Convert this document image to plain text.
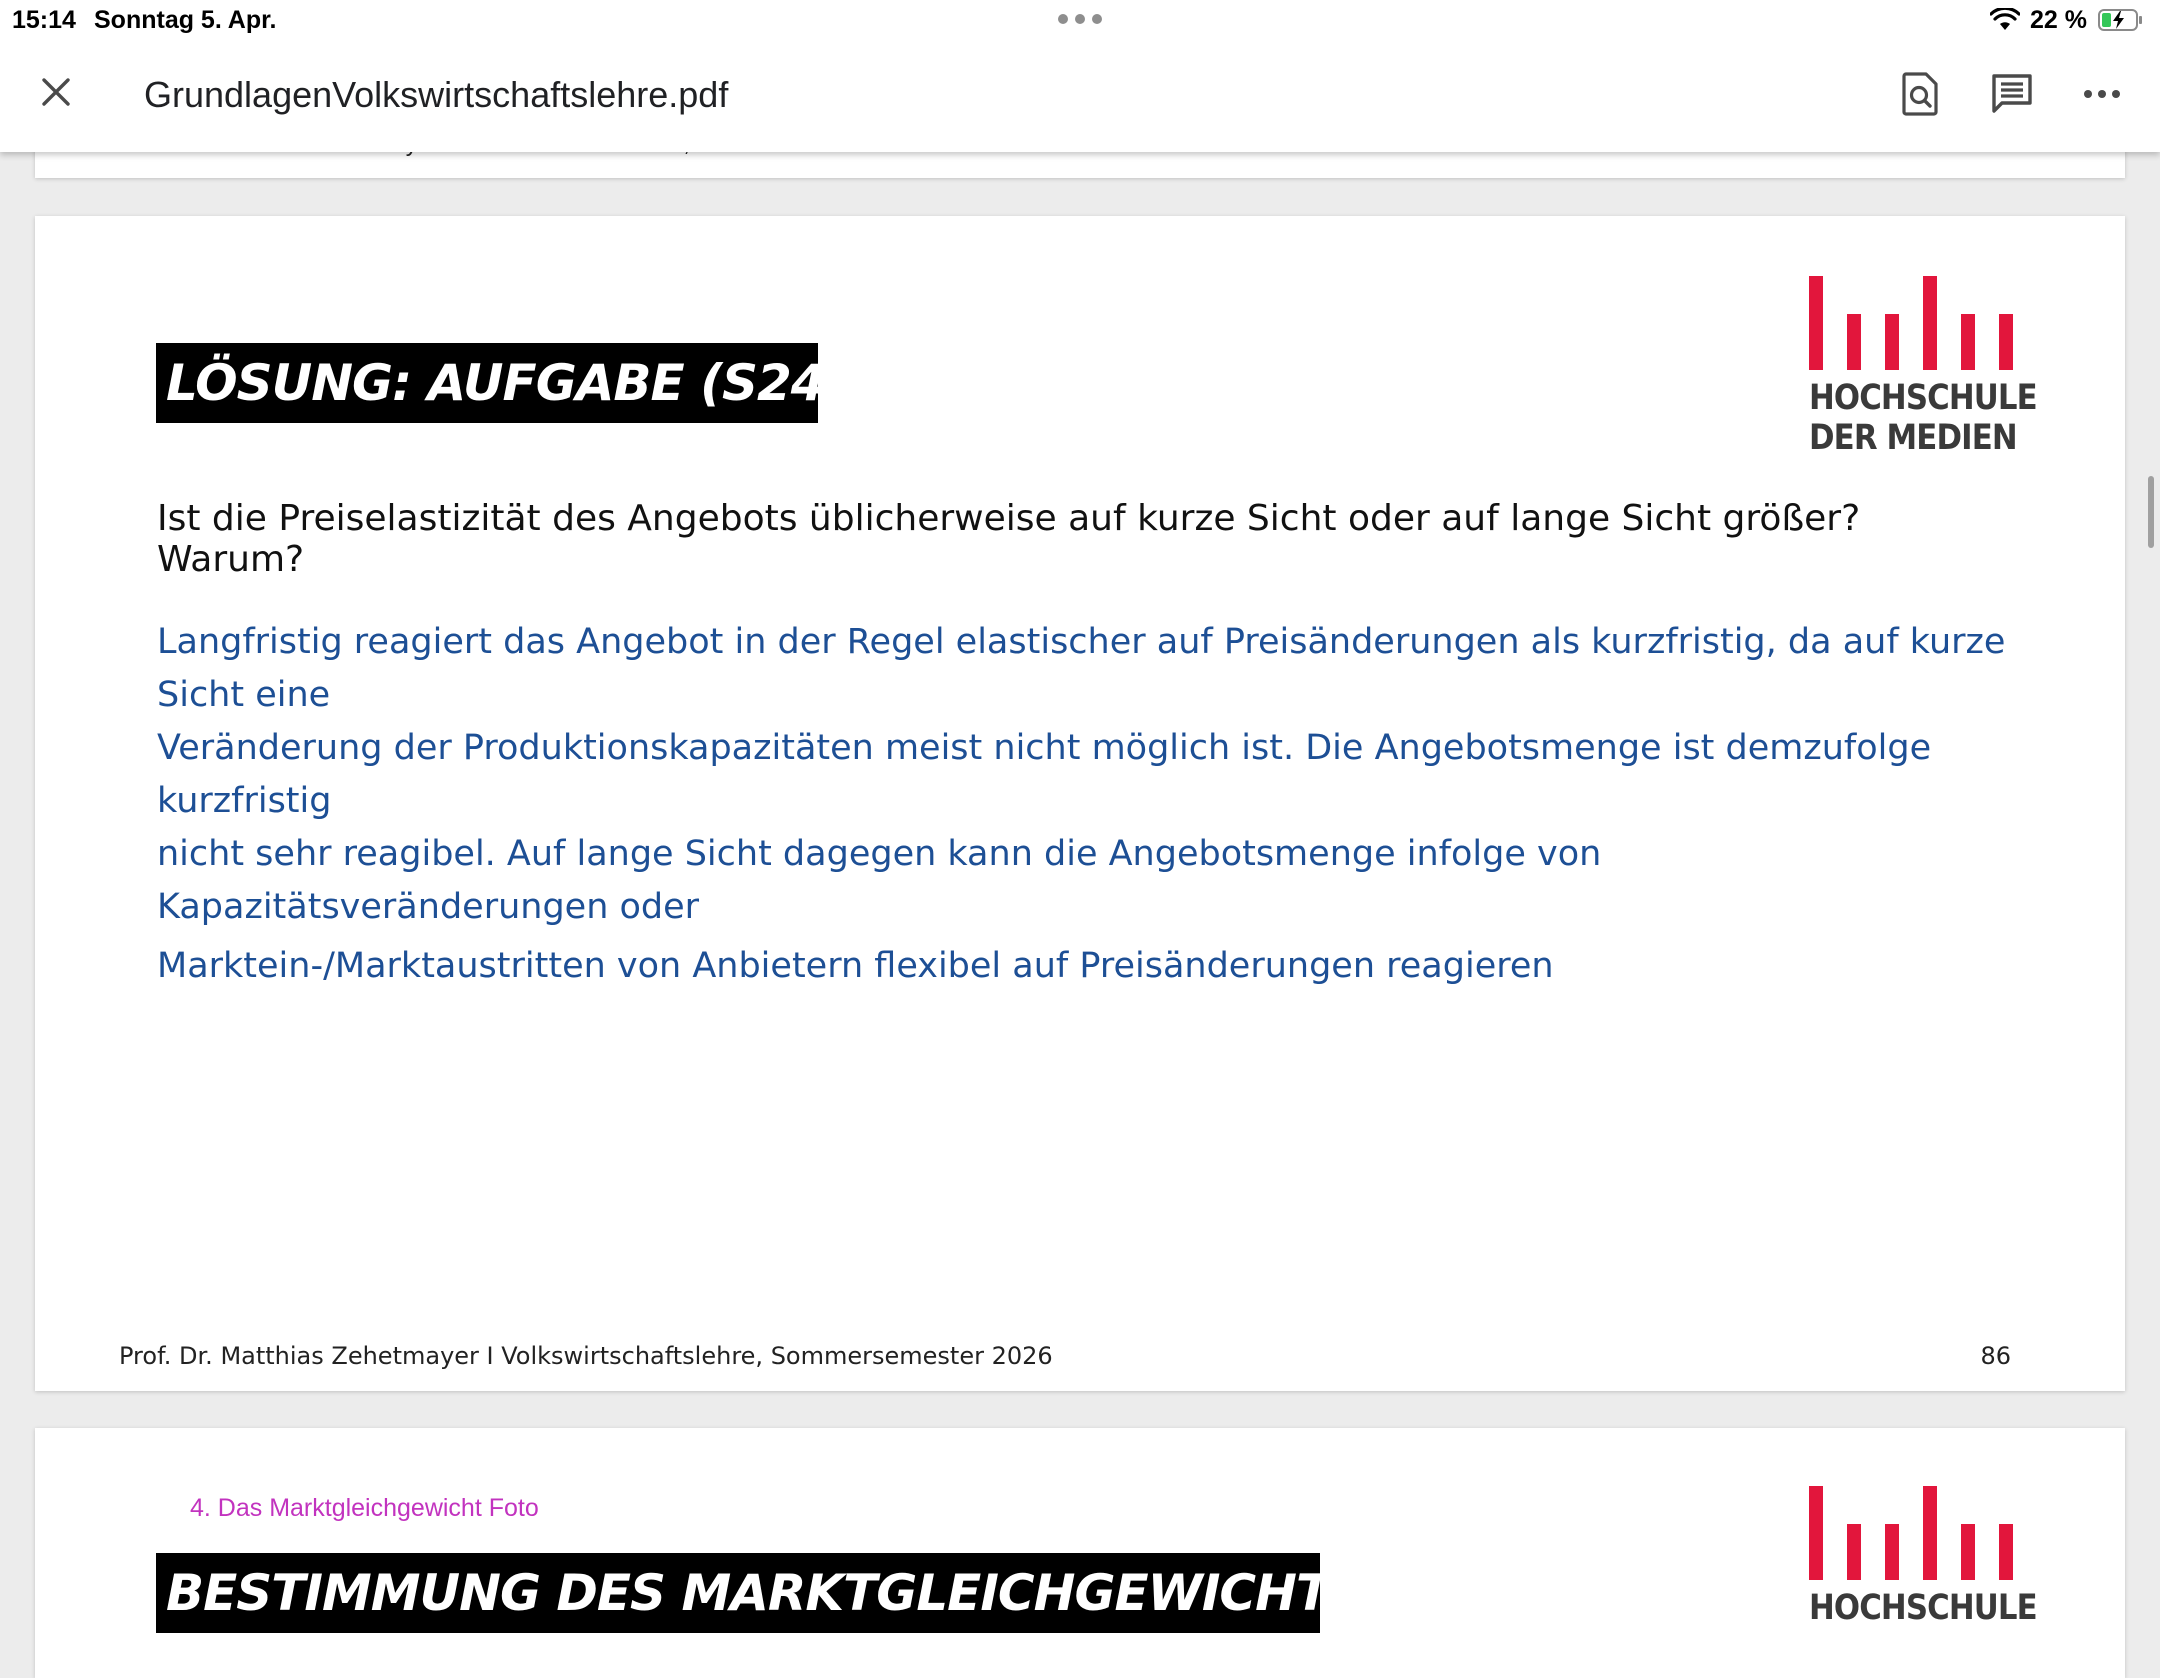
15:14 Sonntag 5. Apr.	22 %
GrundlagenVolkswirtschaftslehre.pdf
LÖSUNG: AUFGABE (S24)	HOCHSCHULE
DER MEDIEN
Ist die Preiselastizität des Angebots üblicherweise auf kurze Sicht oder auf lange Sicht größer? Warum?
Langfristig reagiert das Angebot in der Regel elastischer auf Preisänderungen als kurzfristig, da auf kurze Sicht eine
Veränderung der Produktionskapazitäten meist nicht möglich ist. Die Angebotsmenge ist demzufolge kurzfristig
nicht sehr reagibel. Auf lange Sicht dagegen kann die Angebotsmenge infolge von Kapazitätsveränderungen oder
Marktein-/Marktaustritten von Anbietern flexibel auf Preisänderungen reagieren
Prof. Dr. Matthias Zehetmayer I Volkswirtschaftslehre, Sommersemester 2026	86
4. Das Marktgleichgewicht Foto
BESTIMMUNG DES MARKTGLEICHGEWICHTS	HOCHSCHULE
